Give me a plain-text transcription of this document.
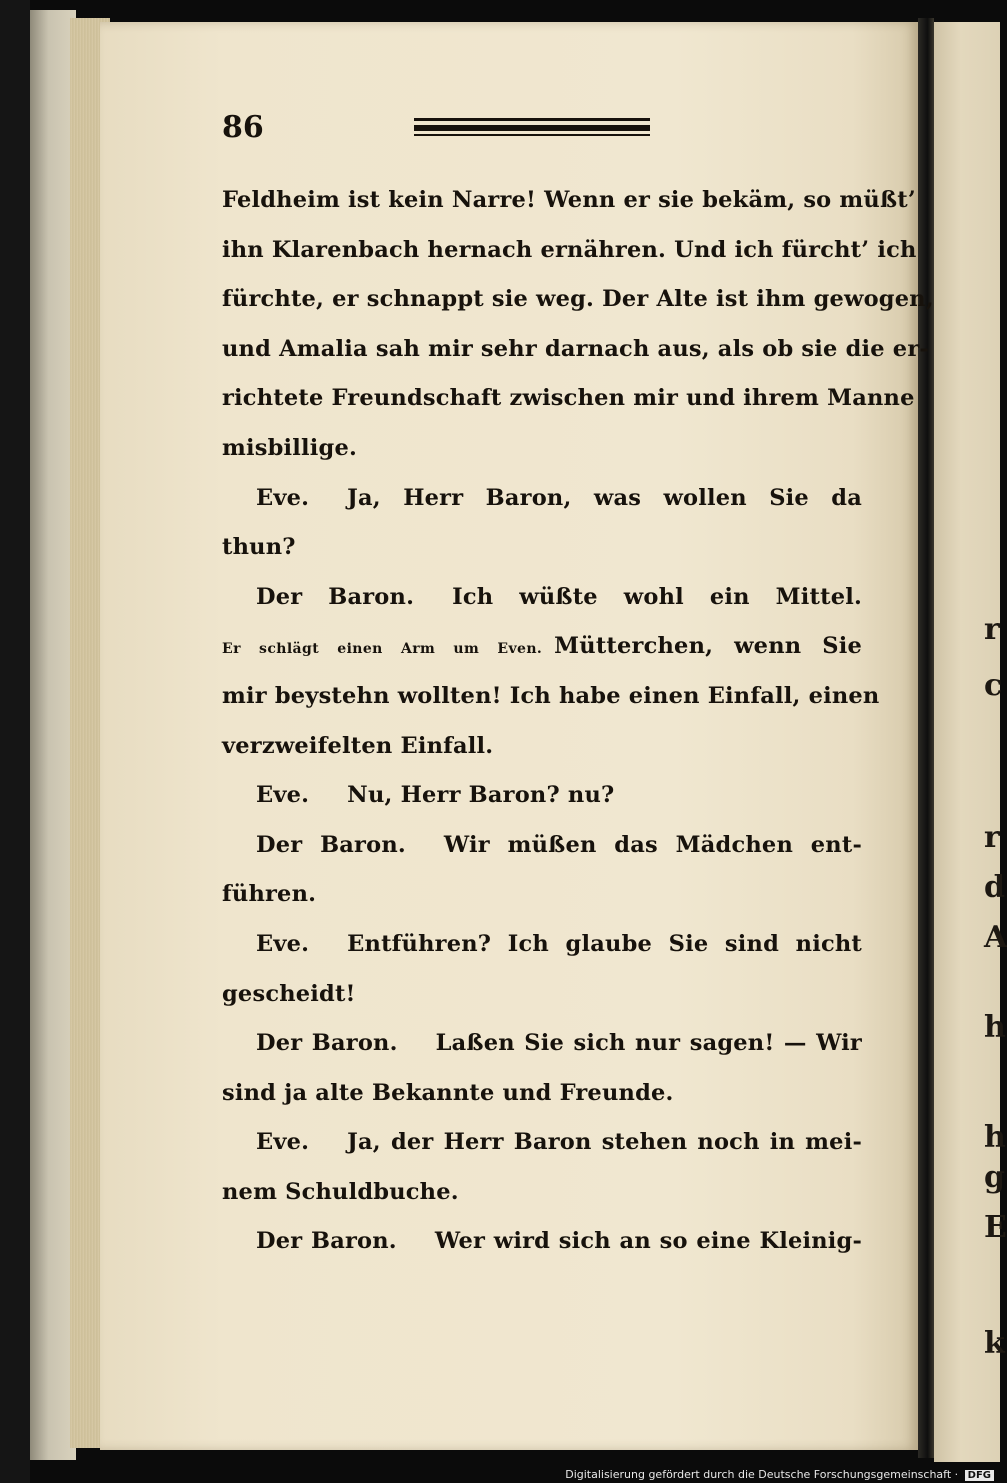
r
c
r
d
A
h
h
g
E
k
86
Feldheim ist kein Narre! Wenn er sie bekäm, so müßt’
ihn Klarenbach hernach ernähren. Und ich fürcht’ ich
fürchte, er schnappt sie weg. Der Alte ist ihm gewogen,
und Amalia sah mir sehr darnach aus, als ob sie die er-
richtete Freundschaft zwischen mir und ihrem Manne
misbillige.
Eve. Ja, Herr Baron, was wollen Sie da
thun?
Der Baron. Ich wüßte wohl ein Mittel.
Er schlägt einen Arm um Even. Mütterchen, wenn Sie
mir beystehn wollten! Ich habe einen Einfall, einen
verzweifelten Einfall.
Eve. Nu, Herr Baron? nu?
Der Baron. Wir müßen das Mädchen ent-
führen.
Eve. Entführen? Ich glaube Sie sind nicht
gescheidt!
Der Baron. Laßen Sie sich nur sagen! — Wir
sind ja alte Bekannte und Freunde.
Eve. Ja, der Herr Baron stehen noch in mei-
nem Schuldbuche.
Der Baron. Wer wird sich an so eine Kleinig-
Digitalisierung gefördert durch die Deutsche Forschungsgemeinschaft · DFG
